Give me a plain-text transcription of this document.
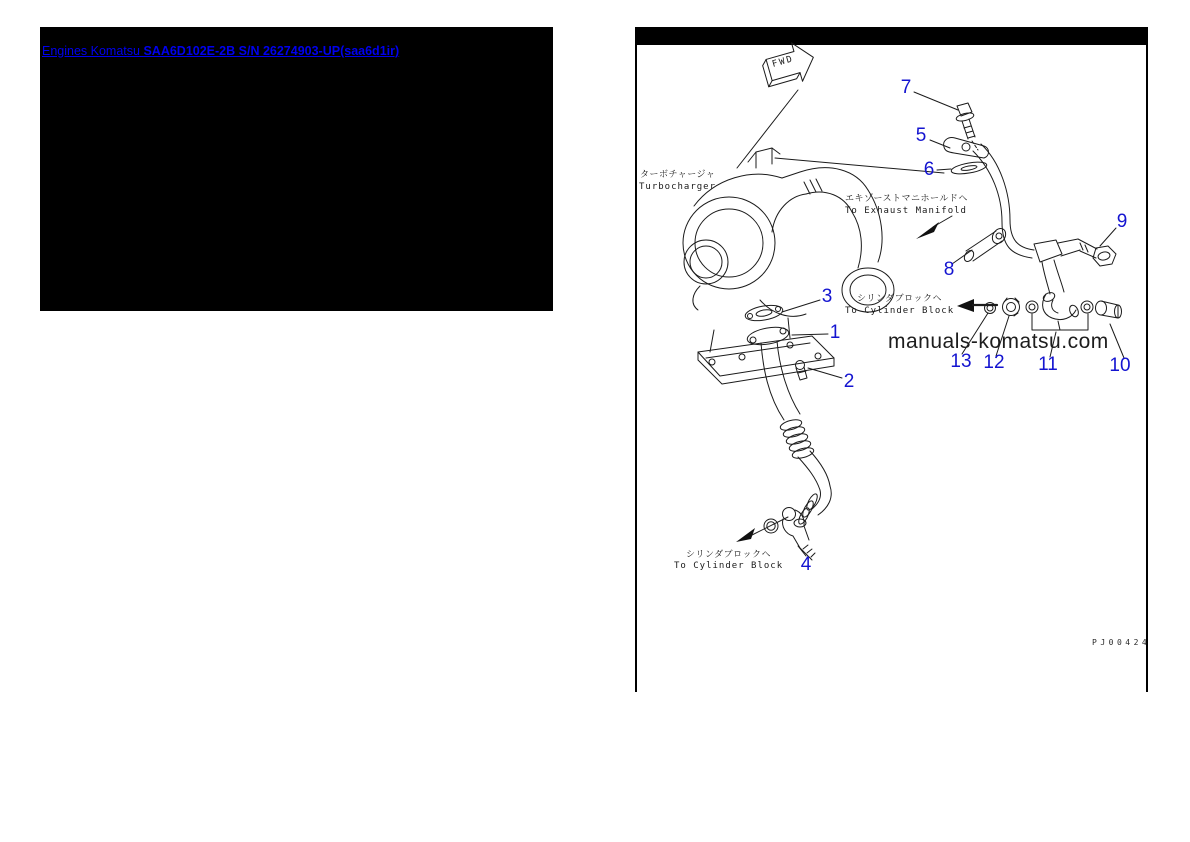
Engines Komatsu SAA6D102E-2B S/N 26274903-UP(saa6d1ir)
ターボチャージャ
Turbocharger
エキゾーストマニホールドヘ
To Exhaust Manifold
シリンダブロックヘ
To Cylinder Block
シリンダブロックヘ
To Cylinder Block
FWD
1
2
3
4
5
6
7
8
9
10
11
12
13
manuals-komatsu.com
PJ00424
